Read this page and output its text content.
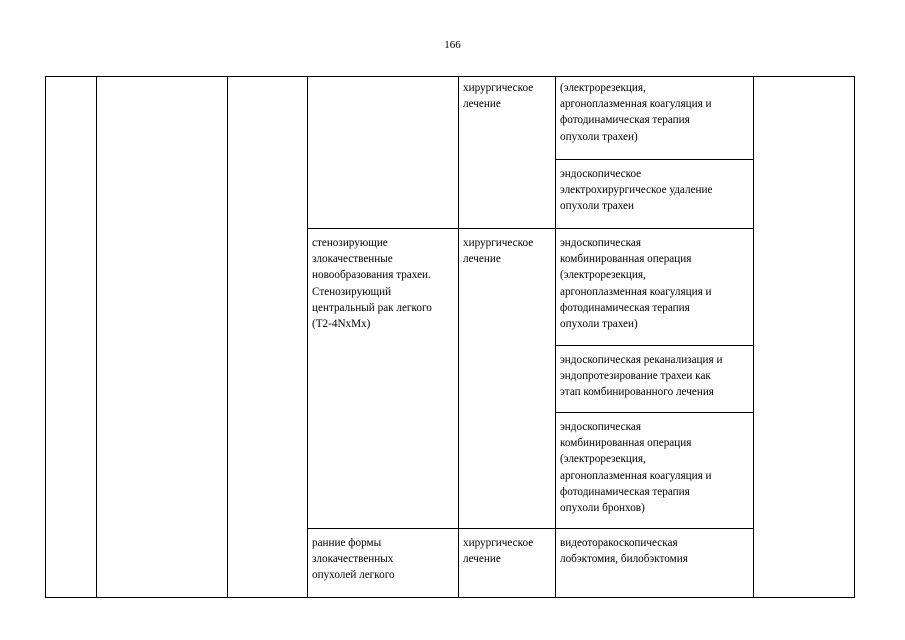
166
хирургическое
лечение
(электрорезекция,
аргоноплазменная коагуляция и
фотодинамическая терапия
опухоли трахеи)
эндоскопическое
электрохирургическое удаление
опухоли трахеи
стенозирующие
злокачественные
новообразования трахеи.
Стенозирующий
центральный рак легкого
(T2-4NxMx)
хирургическое
лечение
эндоскопическая
комбинированная операция
(электрорезекция,
аргоноплазменная коагуляция и
фотодинамическая терапия
опухоли трахеи)
эндоскопическая реканализация и
эндопротезирование трахеи как
этап комбинированного лечения
эндоскопическая
комбинированная операция
(электрорезекция,
аргоноплазменная коагуляция и
фотодинамическая терапия
опухоли бронхов)
ранние формы
злокачественных
опухолей легкого
хирургическое
лечение
видеоторакоскопическая
лобэктомия, билобэктомия
